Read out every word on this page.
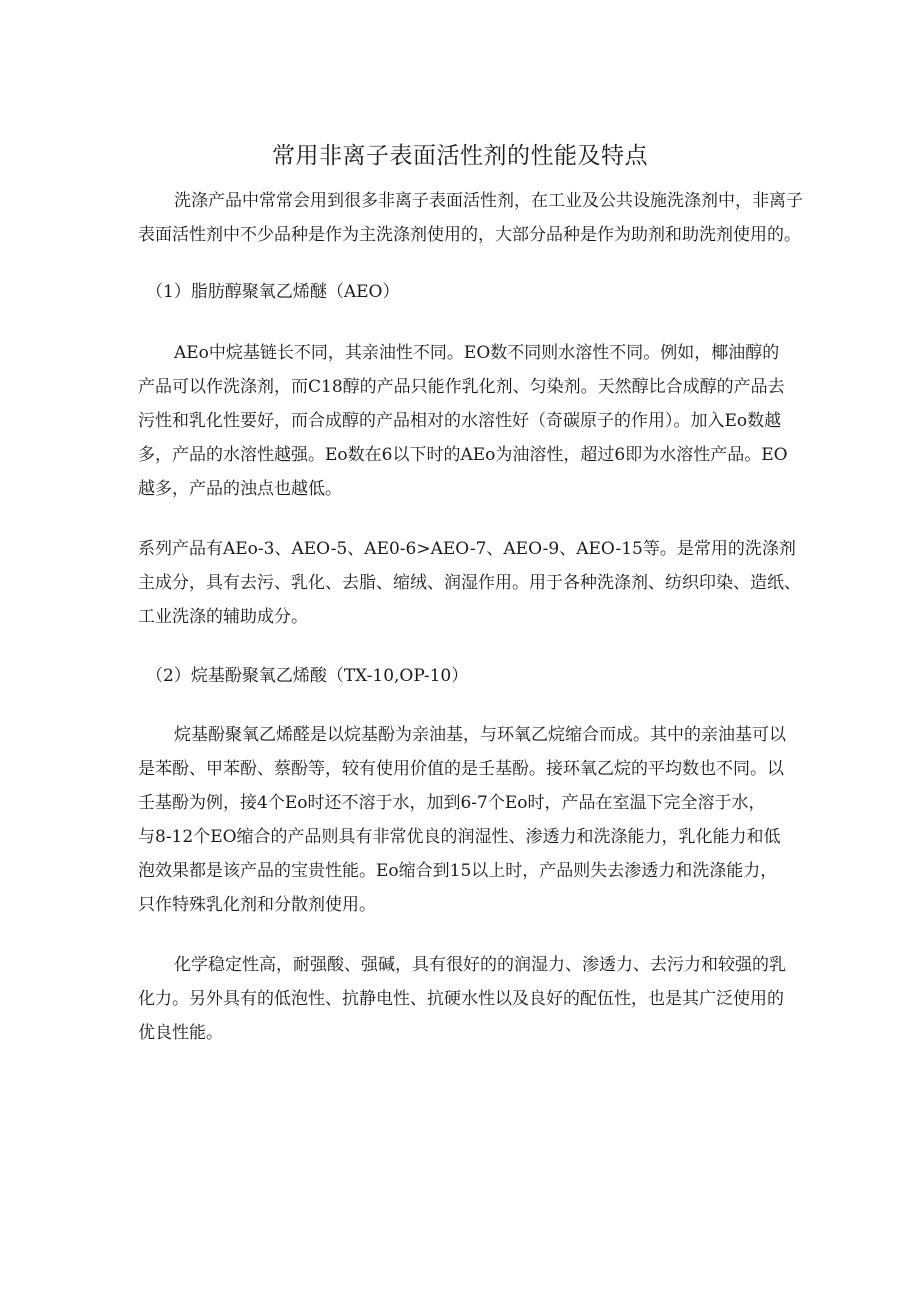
常用非离子表面活性剂的性能及特点
洗涤产品中常常会用到很多非离子表面活性剂，在工业及公共设施洗涤剂中，非离子
表面活性剂中不少品种是作为主洗涤剂使用的，大部分品种是作为助剂和助洗剂使用的。
（1）脂肪醇聚氧乙烯醚（AEO）
AEo中烷基链长不同，其亲油性不同。EO数不同则水溶性不同。例如，椰油醇的
产品可以作洗涤剂，而C18醇的产品只能作乳化剂、匀染剂。天然醇比合成醇的产品去
污性和乳化性要好，而合成醇的产品相对的水溶性好（奇碳原子的作用）。加入Eo数越
多，产品的水溶性越强。Eo数在6以下时的AEo为油溶性，超过6即为水溶性产品。EO
越多，产品的浊点也越低。
系列产品有AEo-3、AEO-5、AE0-6>AEO-7、AEO-9、AEO-15等。是常用的洗涤剂
主成分，具有去污、乳化、去脂、缩绒、润湿作用。用于各种洗涤剂、纺织印染、造纸、
工业洗涤的辅助成分。
（2）烷基酚聚氧乙烯酸（TX-10,OP-10）
烷基酚聚氧乙烯醛是以烷基酚为亲油基，与环氧乙烷缩合而成。其中的亲油基可以
是苯酚、甲苯酚、蔡酚等，较有使用价值的是壬基酚。接环氧乙烷的平均数也不同。以
壬基酚为例，接4个Eo时还不溶于水，加到6-7个Eo时，产品在室温下完全溶于水，
与8-12个EO缩合的产品则具有非常优良的润湿性、渗透力和洗涤能力，乳化能力和低
泡效果都是该产品的宝贵性能。Eo缩合到15以上时，产品则失去渗透力和洗涤能力，
只作特殊乳化剂和分散剂使用。
化学稳定性高，耐强酸、强碱，具有很好的的润湿力、渗透力、去污力和较强的乳
化力。另外具有的低泡性、抗静电性、抗硬水性以及良好的配伍性，也是其广泛使用的
优良性能。
